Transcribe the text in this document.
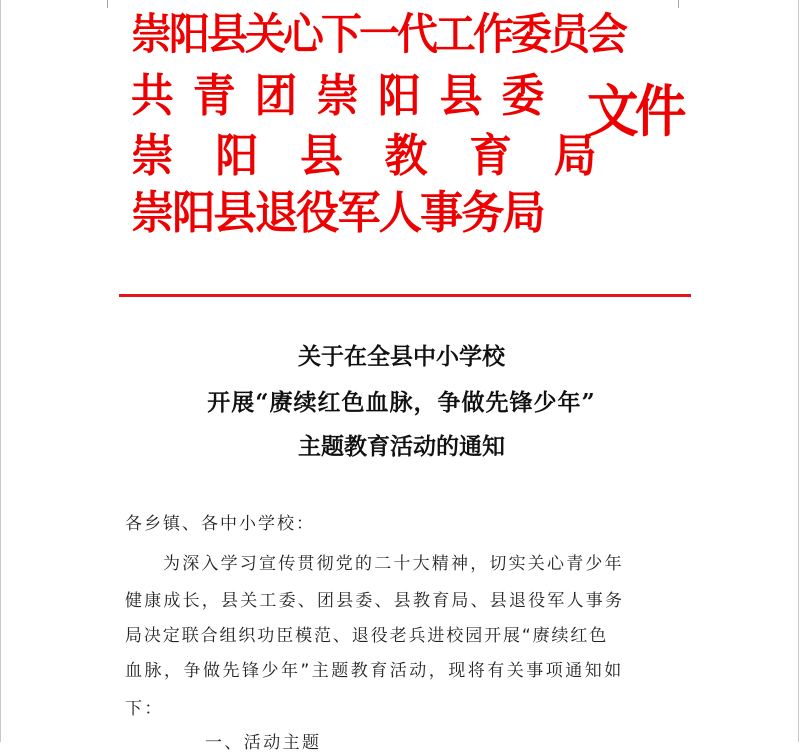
崇阳县关心下一代工作委员会
共青团崇阳县委
崇阳县教育局
崇阳县退役军人事务局
文件
关于在全县中小学校
开展“赓续红色血脉，争做先锋少年”
主题教育活动的通知
各乡镇、各中小学校：
为深入学习宣传贯彻党的二十大精神，切实关心青少年
健康成长，县关工委、团县委、县教育局、县退役军人事务
局决定联合组织功臣模范、退役老兵进校园开展“赓续红色
血脉，争做先锋少年”主题教育活动，现将有关事项通知如
下：
一、活动主题
